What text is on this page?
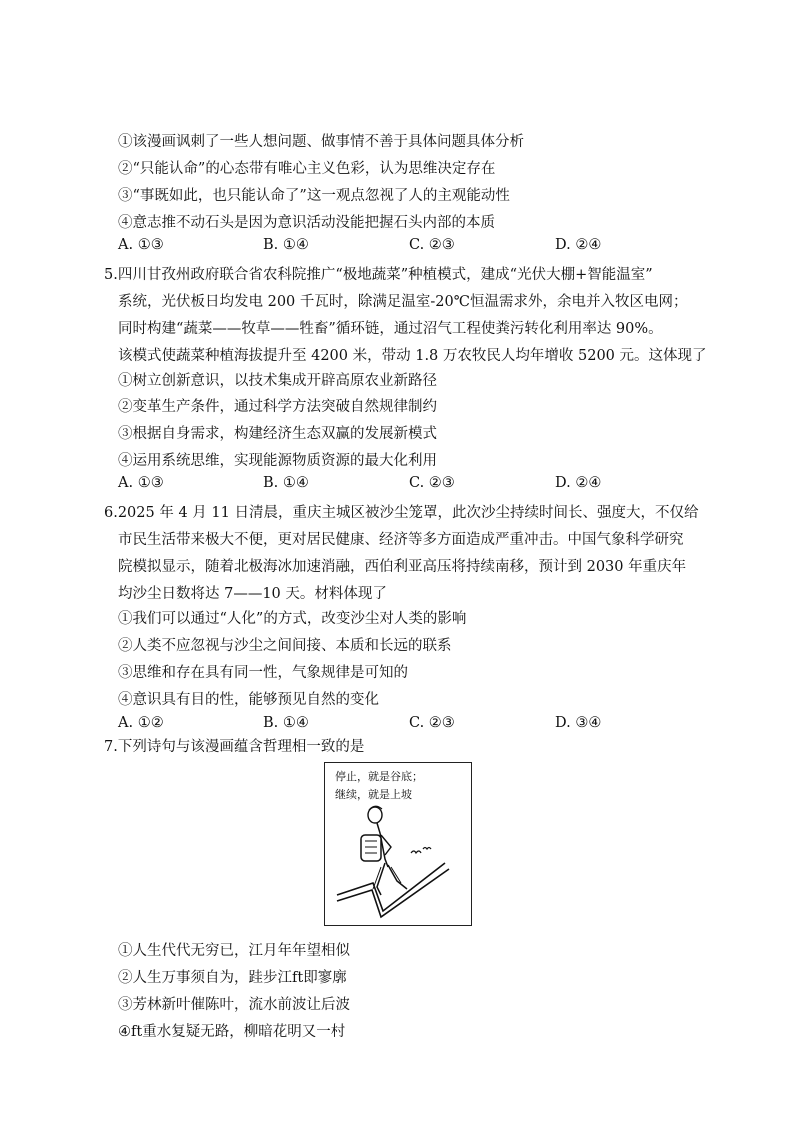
①该漫画讽刺了一些人想问题、做事情不善于具体问题具体分析
②“只能认命”的心态带有唯心主义色彩，认为思维决定存在
③“事既如此，也只能认命了”这一观点忽视了人的主观能动性
④意志推不动石头是因为意识活动没能把握石头内部的本质
A. ①③	B. ①④	C. ②③	D. ②④
5.四川甘孜州政府联合省农科院推广“极地蔬菜”种植模式，建成“光伏大棚+智能温室”
系统，光伏板日均发电 200 千瓦时，除满足温室-20℃恒温需求外，余电并入牧区电网；
同时构建“蔬菜——牧草——牲畜”循环链，通过沼气工程使粪污转化利用率达 90%。
该模式使蔬菜种植海拔提升至 4200 米，带动 1.8 万农牧民人均年增收 5200 元。这体现了
①树立创新意识，以技术集成开辟高原农业新路径
②变革生产条件，通过科学方法突破自然规律制约
③根据自身需求，构建经济生态双赢的发展新模式
④运用系统思维，实现能源物质资源的最大化利用
A. ①③	B. ①④	C. ②③	D. ②④
6.2025 年 4 月 11 日清晨，重庆主城区被沙尘笼罩，此次沙尘持续时间长、强度大，不仅给
市民生活带来极大不便，更对居民健康、经济等多方面造成严重冲击。中国气象科学研究
院模拟显示，随着北极海冰加速消融，西伯利亚高压将持续南移，预计到 2030 年重庆年
均沙尘日数将达 7——10 天。材料体现了
①我们可以通过“人化”的方式，改变沙尘对人类的影响
②人类不应忽视与沙尘之间间接、本质和长远的联系
③思维和存在具有同一性，气象规律是可知的
④意识具有目的性，能够预见自然的变化
A. ①②	B. ①④	C. ②③	D. ③④
7.下列诗句与该漫画蕴含哲理相一致的是
停止，就是谷底；
继续，就是上坡
①人生代代无穷已，江月年年望相似
②人生万事须自为，跬步江ft即寥廓
③芳林新叶催陈叶，流水前波让后波
④ft重水复疑无路，柳暗花明又一村
